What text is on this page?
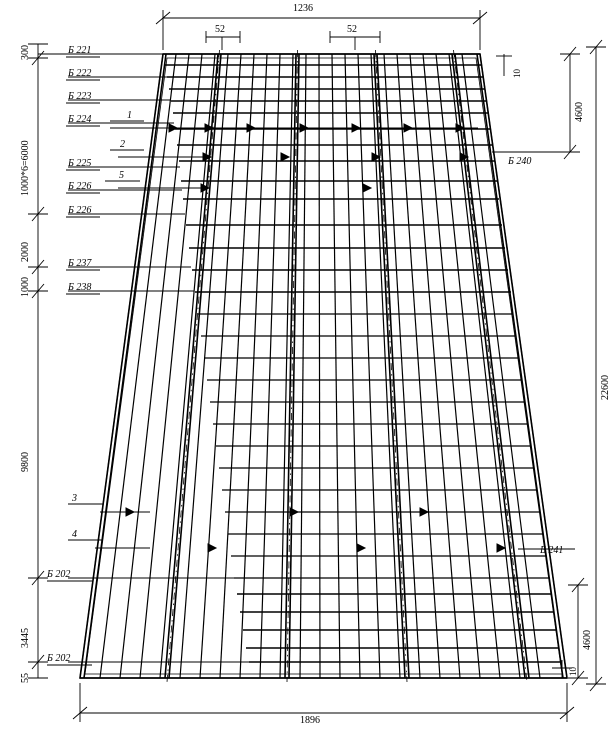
1236
52	52
1896
22600
4600
4600
10
10
300
1000*6=6000
2000
1000
9800
3445
55
Б 221
Б 222
Б 223
Б 224
Б 225
Б 226
Б 226
Б 237
Б 238
Б 202
Б 202
Б 240
Б 241
1
2
5
3
4
